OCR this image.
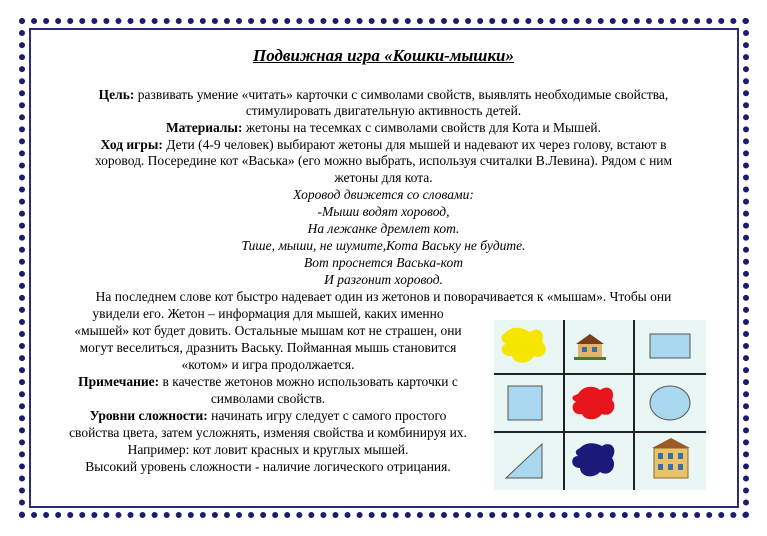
Подвижная игра «Кошки-мышки»
Цель: развивать умение «читать» карточки с символами свойств, выявлять необходимые свойства,
стимулировать двигательную активность детей.
Материалы: жетоны на тесемках с символами свойств для Кота и Мышей.
Ход игры: Дети (4-9 человек) выбирают жетоны для мышей и надевают их через голову, встают в
хоровод. Посередине кот «Васька» (его можно выбрать, используя считалки В.Левина). Рядом с ним
жетоны для кота.
Хоровод движется со словами:
-Мыши водят хоровод,
На лежанке дремлет кот.
Тише, мыши, не шумите,Кота Ваську не будите.
Вот проснется Васька-кот
И разгонит хоровод.
На последнем слове кот быстро надевает один из жетонов и поворачивается к «мышам». Чтобы они
увидели его. Жетон – информация для мышей, каких именно
«мышей» кот будет довить. Остальные мышам кот не страшен, они
могут веселиться, дразнить Ваську. Пойманная мышь становится
«котом» и игра продолжается.
Примечание: в качестве жетонов можно использовать карточки с
символами свойств.
Уровни сложности: начинать игру следует с самого простого
свойства цвета, затем усложнять, изменяя свойства и комбинируя их.
Например: кот ловит красных и круглых мышей.
Высокий уровень сложности - наличие логического отрицания.
